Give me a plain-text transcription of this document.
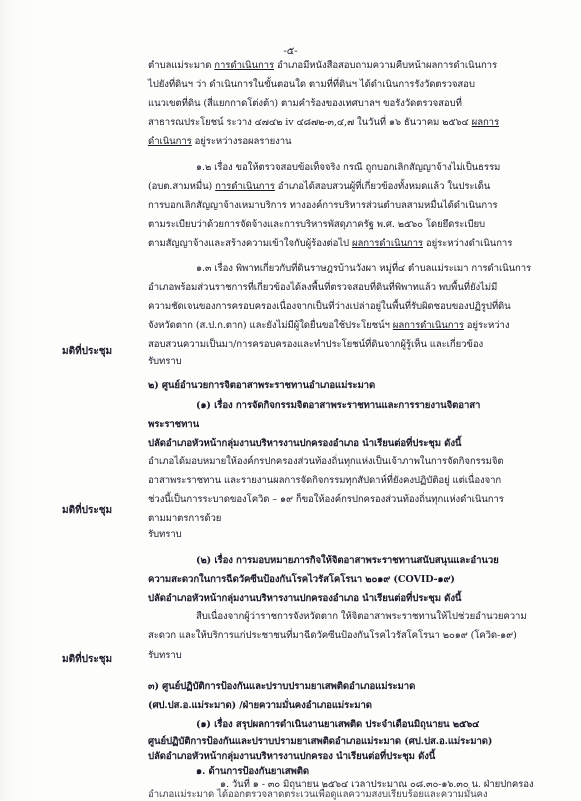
-๕-
ตำบลแม่ระมาด การดำเนินการ อำเภอมีหนังสือสอบถามความคืบหน้าผลการดำเนินการ
ไปยังที่ดินฯ ว่า ดำเนินการในขั้นตอนใด ตามที่ที่ดินฯ ได้ดำเนินการรังวัดตรวจสอบ
แนวเขตที่ดิน (สี่แยกกาดโต่งต้า) ตามคำร้องของเทศบาลฯ ขอรังวัดตรวจสอบที่
สาธารณประโยชน์ ระวาง ๔๗๔๒ iv ๔๘๗๒-๓,๔,๗ ในวันที่ ๑๖ ธันวาคม ๒๕๖๔ ผลการ
ดำเนินการ อยู่ระหว่างรอผลรายงาน
๑.๒ เรื่อง ขอให้ตรวจสอบข้อเท็จจริง กรณี ถูกบอกเลิกสัญญาจ้างไม่เป็นธรรม
(อบต.สามหมื่น) การดำเนินการ อำเภอได้สอบสวนผู้ที่เกี่ยวข้องทั้งหมดแล้ว ในประเด็น
การบอกเลิกสัญญาจ้างเหมาบริการ ทางองค์การบริหารส่วนตำบลสามหมื่นได้ดำเนินการ
ตามระเบียบว่าด้วยการจัดจ้างและการบริหารพัสดุภาครัฐ พ.ศ. ๒๕๖๐ โดยยึดระเบียบ
ตามสัญญาจ้างและสร้างความเข้าใจกับผู้ร้องต่อไป ผลการดำเนินการ อยู่ระหว่างดำเนินการ
๑.๓ เรื่อง พิพาทเกี่ยวกับที่ดินราษฎรบ้านวังผา หมู่ที่๔ ตำบลแม่ระเมา การดำเนินการ
อำเภอพร้อมส่วนราชการที่เกี่ยวข้องได้ลงพื้นที่ตรวจสอบที่ดินที่พิพาทแล้ว พบพื้นที่ยังไม่มี
ความชัดเจนของการครอบครองเนื่องจากเป็นที่ว่างเปล่าอยู่ในพื้นที่รับผิดชอบของปฏิรูปที่ดิน
จังหวัดตาก (ส.ป.ก.ตาก) และยังไม่มีผู้ใดยื่นขอใช้ประโยชน์ฯ ผลการดำเนินการ อยู่ระหว่าง
สอบสวนความเป็นมา/การครอบครองและทำประโยชน์ที่ดินจากผู้รู้เห็น และเกี่ยวข้อง
มติที่ประชุม
รับทราบ
๒) ศูนย์อำนวยการจิตอาสาพระราชทานอำเภอแม่ระมาด
(๑) เรื่อง การจัดกิจกรรมจิตอาสาพระราชทานและการรายงานจิตอาสา
พระราชทาน
ปลัดอำเภอหัวหน้ากลุ่มงานบริหารงานปกครองอำเภอ นำเรียนต่อที่ประชุม ดังนี้
อำเภอได้มอบหมายให้องค์กรปกครองส่วนท้องถิ่นทุกแห่งเป็นเจ้าภาพในการจัดกิจกรรมจิต
อาสาพระราชทาน และรายงานผลการจัดกิจกรรมทุกสัปดาห์ที่ยังคงปฏิบัติอยู่ แต่เนื่องจาก
ช่วงนี้เป็นการระบาดของโควิด – ๑๙ ก็ขอให้องค์กรปกครองส่วนท้องถิ่นทุกแห่งดำเนินการ
ตามมาตรการด้วย
มติที่ประชุม
รับทราบ
(๒) เรื่อง การมอบหมายภารกิจให้จิตอาสาพระราชทานสนับสนุนและอำนวย
ความสะดวกในการฉีดวัคซีนป้องกันโรคไวรัสโคโรนา ๒๐๑๙ (COVID-๑๙)
ปลัดอำเภอหัวหน้ากลุ่มงานบริหารงานปกครองอำเภอ นำเรียนต่อที่ประชุม ดังนี้
สืบเนื่องจากผู้ว่าราชการจังหวัดตาก ให้จิตอาสาพระราชทานให้ไปช่วยอำนวยความ
สะดวก และให้บริการแก่ประชาชนที่มาฉีดวัคซีนป้องกันโรคไวรัสโคโรนา ๒๐๑๙ (โควิด-๑๙)
มติที่ประชุม	รับทราบ
๓) ศูนย์ปฏิบัติการป้องกันและปราบปรามยาเสพติดอำเภอแม่ระมาด
(ศป.ปส.อ.แม่ระมาด) /ฝ่ายความมั่นคงอำเภอแม่ระมาด
(๑) เรื่อง สรุปผลการดำเนินงานยาเสพติด ประจำเดือนมิถุนายน ๒๕๖๔
ศูนย์ปฏิบัติการป้องกันและปราบปรามยาเสพติดอำเภอแม่ระมาด (ศป.ปส.อ.แม่ระมาด)
ปลัดอำเภอหัวหน้ากลุ่มงานบริหารงานปกครอง นำเรียนต่อที่ประชุม ดังนี้
๑. ด้านการป้องกันยาเสพติด
๑. วันที่ ๑ - ๓๐ มิถุนายน ๒๕๖๔ เวลาประมาณ ๐๘.๓๐-๑๖.๓๐ น. ฝ่ายปกครอง
อำเภอแม่ระมาด ได้ออกตรวจลาดตระเวนเพื่อดูแลความสงบเรียบร้อยและความมั่นคง
